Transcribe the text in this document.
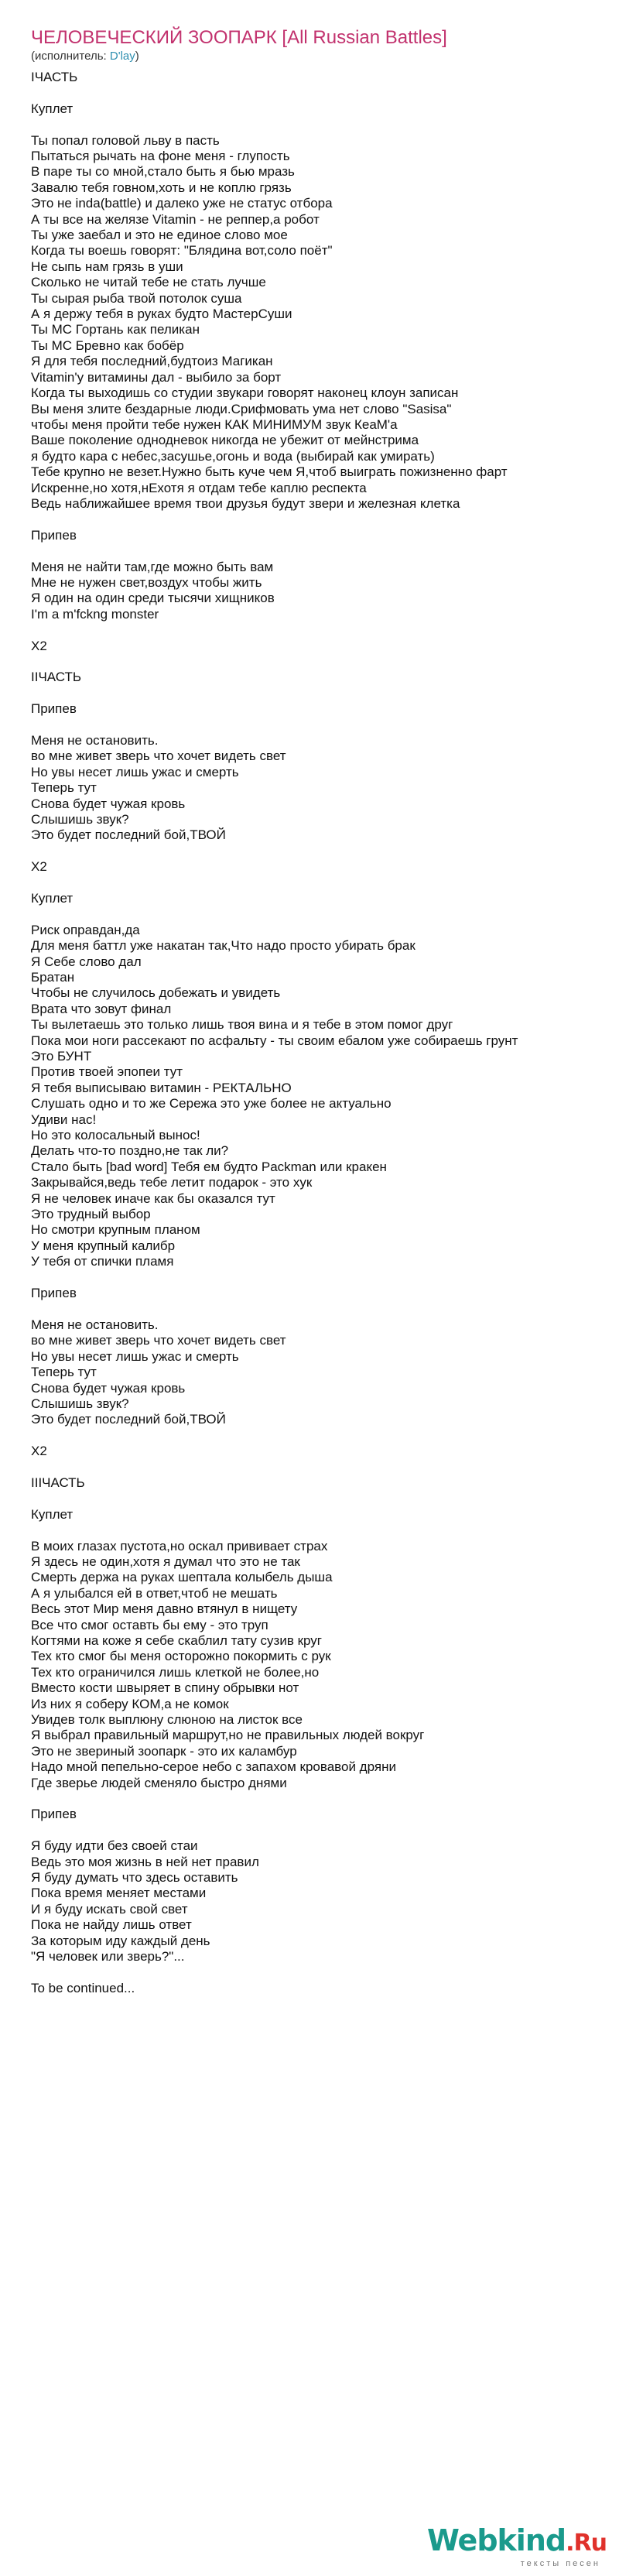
ЧЕЛОВЕЧЕСКИЙ ЗООПАРК [All Russian Battles]

(исполнитель: D'lay)

IЧАСТЬ
Куплет
Ты попал головой льву в пасть
Пытаться рычать на фоне меня - глупость
В паре ты со мной,стало быть я бью мразь
Завалю тебя говном,хоть и не коплю грязь
Это не inda(battle) и далеко уже не статус отбора
А ты все на желязе Vitamin - не реппер,а робот
Ты уже заебал и это не единое слово мое
Когда ты воешь говорят: "Блядина вот,соло поёт"
Не сыпь нам грязь в уши
Сколько не читай тебе не стать лучше
Ты сырая рыба твой потолок суша
А я держу тебя в руках будто МастерСуши
Ты МС Гортань как пеликан
Ты МС Бревно как бобёр
Я для тебя последний,будтоиз Магикан
Vitamin'у витамины дал - выбило за борт
Когда ты выходишь со студии звукари говорят наконец клоун записан
Вы меня злите бездарные люди.Срифмовать ума нет слово "Sasisa"
чтобы меня пройти тебе нужен КАК МИНИМУМ звук КеаМ'а
Ваше поколение однодневок никогда не убежит от мейнстрима
я будто кара с небес,засушье,огонь и вода (выбирай как умирать)
Тебе крупно не везет.Нужно быть куче чем Я,чтоб выиграть пожизненно фарт
Искренне,но хотя,нЕхотя я отдам тебе каплю респекта
Ведь наближайшее время твои друзья будут звери и железная клетка
Припев
Меня не найти там,где можно быть вам
Мне не нужен свет,воздух чтобы жить
Я один на один среди тысячи хищников
I'm a m'fckng monster
X2
IIЧАСТЬ
Припев
Меня не остановить.
во мне живет зверь что хочет видеть свет
Но увы несет лишь ужас и смерть
Теперь тут
Снова будет чужая кровь
Слышишь звук?
Это будет последний бой,ТВОЙ
X2
Куплет
Риск оправдан,да
Для меня баттл уже накатан так,Что надо просто убирать брак
Я Себе слово дал
Братан
Чтобы не случилось добежать и увидеть
Врата что зовут финал
Ты вылетаешь это только лишь твоя вина и я тебе в этом помог друг
Пока мои ноги рассекают по асфальту - ты своим ебалом уже собираешь грунт
Это БУНТ
Против твоей эпопеи тут
Я тебя выписываю витамин - РЕКТАЛЬНО
Слушать одно и то же Сережа это уже более не актуально
Удиви нас!
Но это колосальный вынос!
Делать что-то поздно,не так ли?
Стало быть [bad word] Тебя ем будто Packman или кракен
Закрывайся,ведь тебе летит подарок - это хук
Я не человек иначе как бы оказался тут
Это трудный выбор
Но смотри крупным планом
У меня крупный калибр
У тебя от спички пламя
Припев
Меня не остановить.
во мне живет зверь что хочет видеть свет
Но увы несет лишь ужас и смерть
Теперь тут
Снова будет чужая кровь
Слышишь звук?
Это будет последний бой,ТВОЙ
X2
IIIЧАСТЬ
Куплет
В моих глазах пустота,но оскал прививает страх
Я здесь не один,хотя я думал что это не так
Смерть держа на руках шептала колыбель дыша
А я улыбался ей в ответ,чтоб не мешать
Весь этот Мир меня давно втянул в нищету
Все что смог оставть бы ему - это труп
Когтями на коже я себе скаблил тату сузив круг
Тех кто смог бы меня осторожно покормить с рук
Тех кто ограничился лишь клеткой не более,но
Вместо кости швыряет в спину обрывки нот
Из них я соберу КОМ,а не комок
Увидев толк выплюну слюною на листок все
Я выбрал правильный маршрут,но не правильных людей вокруг
Это не звериный зоопарк - это их каламбур
Надо мной пепельно-серое небо с запахом кровавой дряни
Где зверье людей сменяло быстро днями
Припев
Я буду идти без своей стаи
Ведь это моя жизнь в ней нет правил
Я буду думать что здесь оставить
Пока время меняет местами
И я буду искать свой свет
Пока не найду лишь ответ
За которым иду каждый день
"Я человек или зверь?"...
To be continued...
Webkind.Ru
тексты песен
